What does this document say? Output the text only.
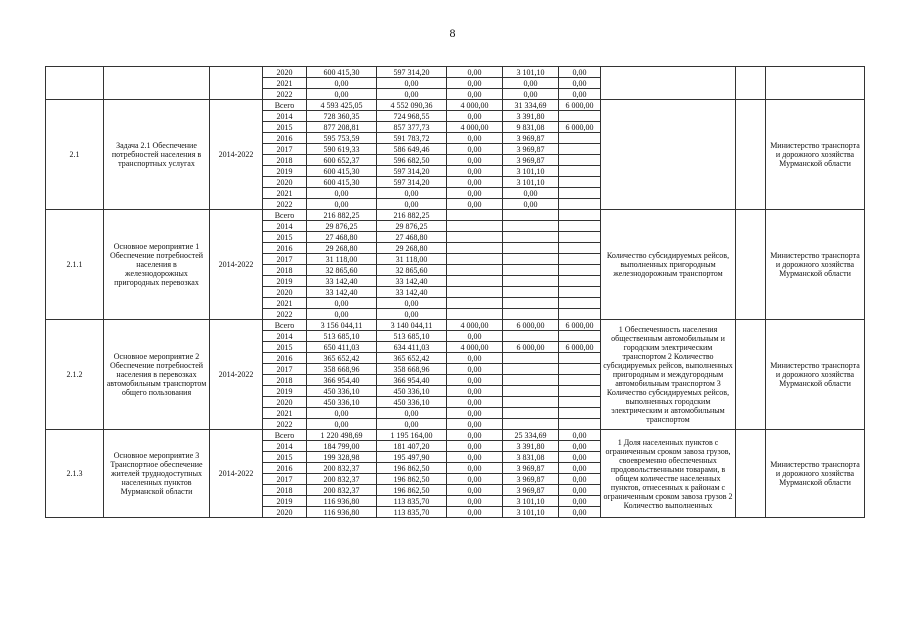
8
			2020	600 415,30	597 314,20	0,00	3 101,10	0,00			
			2021	0,00	0,00	0,00	0,00	0,00			
			2022	0,00	0,00	0,00	0,00	0,00			
2.1	Задача 2.1 Обеспечение потребностей населения в транспортных услугах	2014-2022	Всего	4 593 425,05	4 552 090,36	4 000,00	31 334,69	6 000,00			Министерство транспорта и дорожного хозяйства Мурманской области
			2014	728 360,35	724 968,55	0,00	3 391,80				
			2015	877 208,81	857 377,73	4 000,00	9 831,08	6 000,00			
			2016	595 753,59	591 783,72	0,00	3 969,87				
			2017	590 619,33	586 649,46	0,00	3 969,87				
			2018	600 652,37	596 682,50	0,00	3 969,87				
			2019	600 415,30	597 314,20	0,00	3 101,10				
			2020	600 415,30	597 314,20	0,00	3 101,10				
			2021	0,00	0,00	0,00	0,00				
			2022	0,00	0,00	0,00	0,00				
2.1.1	Основное мероприятие 1 Обеспечение потребностей населения в железнодорожных пригородных перевозках	2014-2022	Всего	216 882,25	216 882,25				Количество субсидируемых рейсов, выполненных пригородным железнодорожным транспортом		Министерство транспорта и дорожного хозяйства Мурманской области
			2014	29 876,25	29 876,25						
			2015	27 468,80	27 468,80						
			2016	29 268,80	29 268,80						
			2017	31 118,00	31 118,00						
			2018	32 865,60	32 865,60						
			2019	33 142,40	33 142,40						
			2020	33 142,40	33 142,40						
			2021	0,00	0,00						
			2022	0,00	0,00						
2.1.2	Основное мероприятие 2 Обеспечение потребностей населения в перевозках автомобильным транспортом общего пользования	2014-2022	Всего	3 156 044,11	3 140 044,11	4 000,00	6 000,00	6 000,00	1 Обеспеченность населения общественным автомобильным и городским электрическим транспортом 2 Количество субсидируемых рейсов, выполненных пригородным и междугородным автомобильным транспортом 3 Количество субсидируемых рейсов, выполненных городским электрическим и автомобильным транспортом		Министерство транспорта и дорожного хозяйства Мурманской области
			2014	513 685,10	513 685,10	0,00					
			2015	650 411,03	634 411,03	4 000,00	6 000,00	6 000,00			
			2016	365 652,42	365 652,42	0,00					
			2017	358 668,96	358 668,96	0,00					
			2018	366 954,40	366 954,40	0,00					
			2019	450 336,10	450 336,10	0,00					
			2020	450 336,10	450 336,10	0,00					
			2021	0,00	0,00	0,00					
			2022	0,00	0,00	0,00					
2.1.3	Основное мероприятие 3 Транспортное обеспечение жителей труднодоступных населенных пунктов Мурманской области	2014-2022	Всего	1 220 498,69	1 195 164,00	0,00	25 334,69	0,00	1 Доля населенных пунктов с ограниченным сроком завоза грузов, своевременно обеспеченных продовольственными товарами, в общем количестве населенных пунктов, отнесенных к районам с ограниченным сроком завоза грузов 2 Количество выполненных		Министерство транспорта и дорожного хозяйства Мурманской области
			2014	184 799,00	181 407,20	0,00	3 391,80	0,00			
			2015	199 328,98	195 497,90	0,00	3 831,08	0,00			
			2016	200 832,37	196 862,50	0,00	3 969,87	0,00			
			2017	200 832,37	196 862,50	0,00	3 969,87	0,00			
			2018	200 832,37	196 862,50	0,00	3 969,87	0,00			
			2019	116 936,80	113 835,70	0,00	3 101,10	0,00			
			2020	116 936,80	113 835,70	0,00	3 101,10	0,00			
